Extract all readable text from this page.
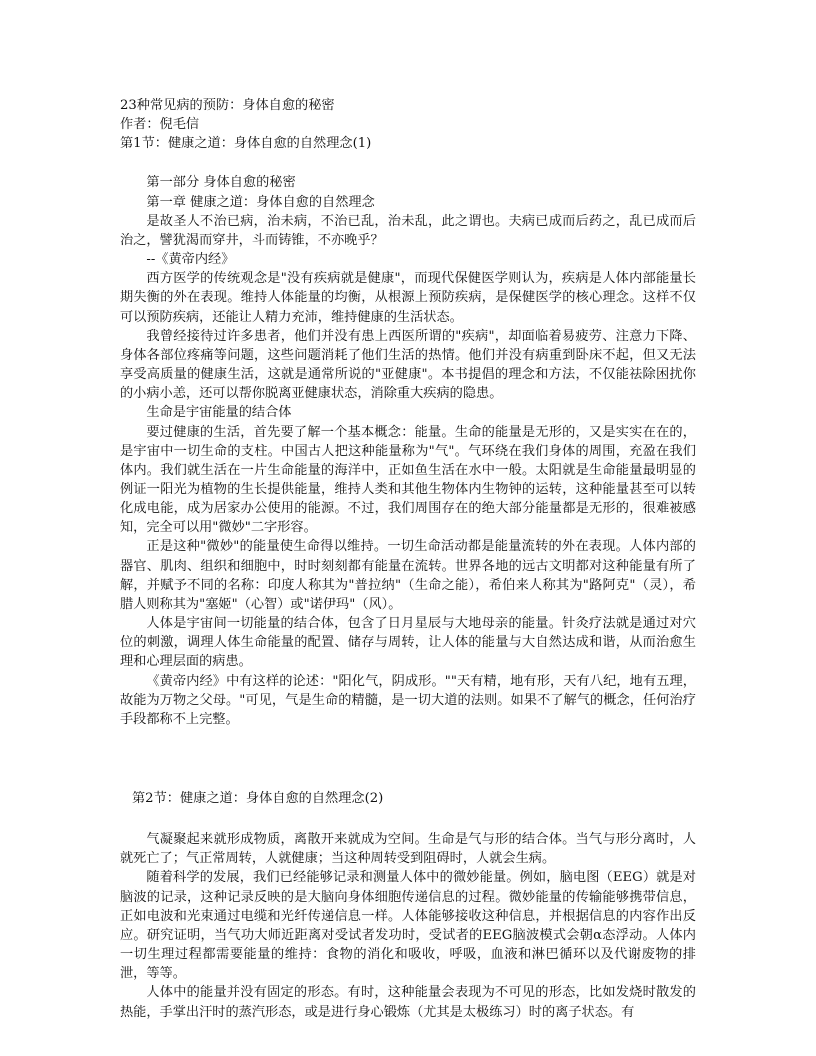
23种常见病的预防：身体自愈的秘密
作者：倪毛信
第1节：健康之道：身体自愈的自然理念(1)
第一部分 身体自愈的秘密
第一章 健康之道：身体自愈的自然理念

是故圣人不治已病，治未病，不治已乱，治未乱，此之谓也。夫病已成而后药之，乱已成而后治之，譬犹渴而穿井，斗而铸锥，不亦晚乎？

--《黄帝内经》

西方医学的传统观念是"没有疾病就是健康"，而现代保健医学则认为，疾病是人体内部能量长期失衡的外在表现。维持人体能量的均衡，从根源上预防疾病，是保健医学的核心理念。这样不仅可以预防疾病，还能让人精力充沛，维持健康的生活状态。

我曾经接待过许多患者，他们并没有患上西医所谓的"疾病"，却面临着易疲劳、注意力下降、身体各部位疼痛等问题，这些问题消耗了他们生活的热情。他们并没有病重到卧床不起，但又无法享受高质量的健康生活，这就是通常所说的"亚健康"。本书提倡的理念和方法，不仅能祛除困扰你的小病小恙，还可以帮你脱离亚健康状态，消除重大疾病的隐患。

生命是宇宙能量的结合体

要过健康的生活，首先要了解一个基本概念：能量。生命的能量是无形的，又是实实在在的，是宇宙中一切生命的支柱。中国古人把这种能量称为"气"。气环绕在我们身体的周围，充盈在我们体内。我们就生活在一片生命能量的海洋中，正如鱼生活在水中一般。太阳就是生命能量最明显的例证一阳光为植物的生长提供能量，维持人类和其他生物体内生物钟的运转，这种能量甚至可以转化成电能，成为居家办公使用的能源。不过，我们周围存在的绝大部分能量都是无形的，很难被感知，完全可以用"微妙"二字形容。

正是这种"微妙"的能量使生命得以维持。一切生命活动都是能量流转的外在表现。人体内部的器官、肌肉、组织和细胞中，时时刻刻都有能量在流转。世界各地的远古文明都对这种能量有所了解，并赋予不同的名称：印度人称其为"普拉纳"（生命之能），希伯来人称其为"路阿克"（灵），希腊人则称其为"塞姬"（心智）或"诺伊玛"（风）。

人体是宇宙间一切能量的结合体，包含了日月星辰与大地母亲的能量。针灸疗法就是通过对穴位的刺激，调理人体生命能量的配置、储存与周转，让人体的能量与大自然达成和谐，从而治愈生理和心理层面的病患。

《黄帝内经》中有这样的论述："阳化气，阴成形。""天有精，地有形，天有八纪，地有五理，故能为万物之父母。"可见，气是生命的精髓，是一切大道的法则。如果不了解气的概念，任何治疗手段都称不上完整。

第2节：健康之道：身体自愈的自然理念(2)

气凝聚起来就形成物质，离散开来就成为空间。生命是气与形的结合体。当气与形分离时，人就死亡了；气正常周转，人就健康；当这种周转受到阻碍时，人就会生病。

随着科学的发展，我们已经能够记录和测量人体中的微妙能量。例如，脑电图（EEG）就是对脑波的记录，这种记录反映的是大脑向身体细胞传递信息的过程。微妙能量的传输能够携带信息，正如电波和光束通过电缆和光纤传递信息一样。人体能够接收这种信息，并根据信息的内容作出反应。研究证明，当气功大师近距离对受试者发功时，受试者的EEG脑波模式会朝α态浮动。人体内一切生理过程都需要能量的维持：食物的消化和吸收，呼吸，血液和淋巴循环以及代谢废物的排泄，等等。

人体中的能量并没有固定的形态。有时，这种能量会表现为不可见的形态，比如发烧时散发的热能，手掌出汗时的蒸汽形态，或是进行身心锻炼（尤其是太极练习）时的离子状态。有
